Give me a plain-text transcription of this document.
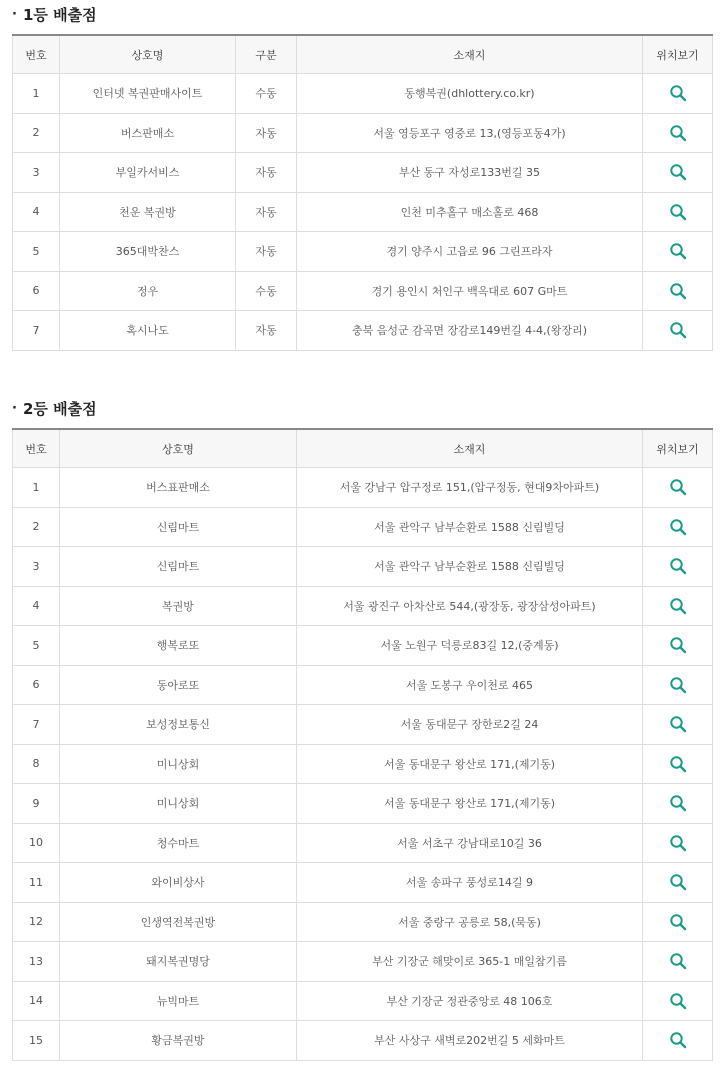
· 1등 배출점
번호	상호명	구분	소재지	위치보기
1	인터넷 복권판매사이트	수동	동행복권(dhlottery.co.kr)	
2	버스판매소	자동	서울 영등포구 영중로 13,(영등포동4가)	
3	부일카서비스	자동	부산 동구 자성로133번길 35	
4	천운 복권방	자동	인천 미추홀구 매소홀로 468	
5	365대박찬스	자동	경기 양주시 고읍로 96 그린프라자	
6	정우	수동	경기 용인시 처인구 백옥대로 607 G마트	
7	혹시나도	자동	충북 음성군 감곡면 장감로149번길 4-4,(왕장리)	
· 2등 배출점
번호	상호명	소재지	위치보기
1	버스표판매소	서울 강남구 압구정로 151,(압구정동, 현대9차아파트)	
2	신림마트	서울 관악구 남부순환로 1588 신림빌딩	
3	신림마트	서울 관악구 남부순환로 1588 신림빌딩	
4	복권방	서울 광진구 아차산로 544,(광장동, 광장삼성아파트)	
5	행복로또	서울 노원구 덕릉로83길 12,(중계동)	
6	동아로또	서울 도봉구 우이천로 465	
7	보성정보통신	서울 동대문구 장한로2길 24	
8	미니상회	서울 동대문구 왕산로 171,(제기동)	
9	미니상회	서울 동대문구 왕산로 171,(제기동)	
10	청수마트	서울 서초구 강남대로10길 36	
11	와이비상사	서울 송파구 풍성로14길 9	
12	인생역전복권방	서울 중랑구 공릉로 58,(묵동)	
13	돼지복권명당	부산 기장군 해맞이로 365-1 매일참기름	
14	뉴빅마트	부산 기장군 정관중앙로 48 106호	
15	황금복권방	부산 사상구 새벽로202번길 5 세화마트	
